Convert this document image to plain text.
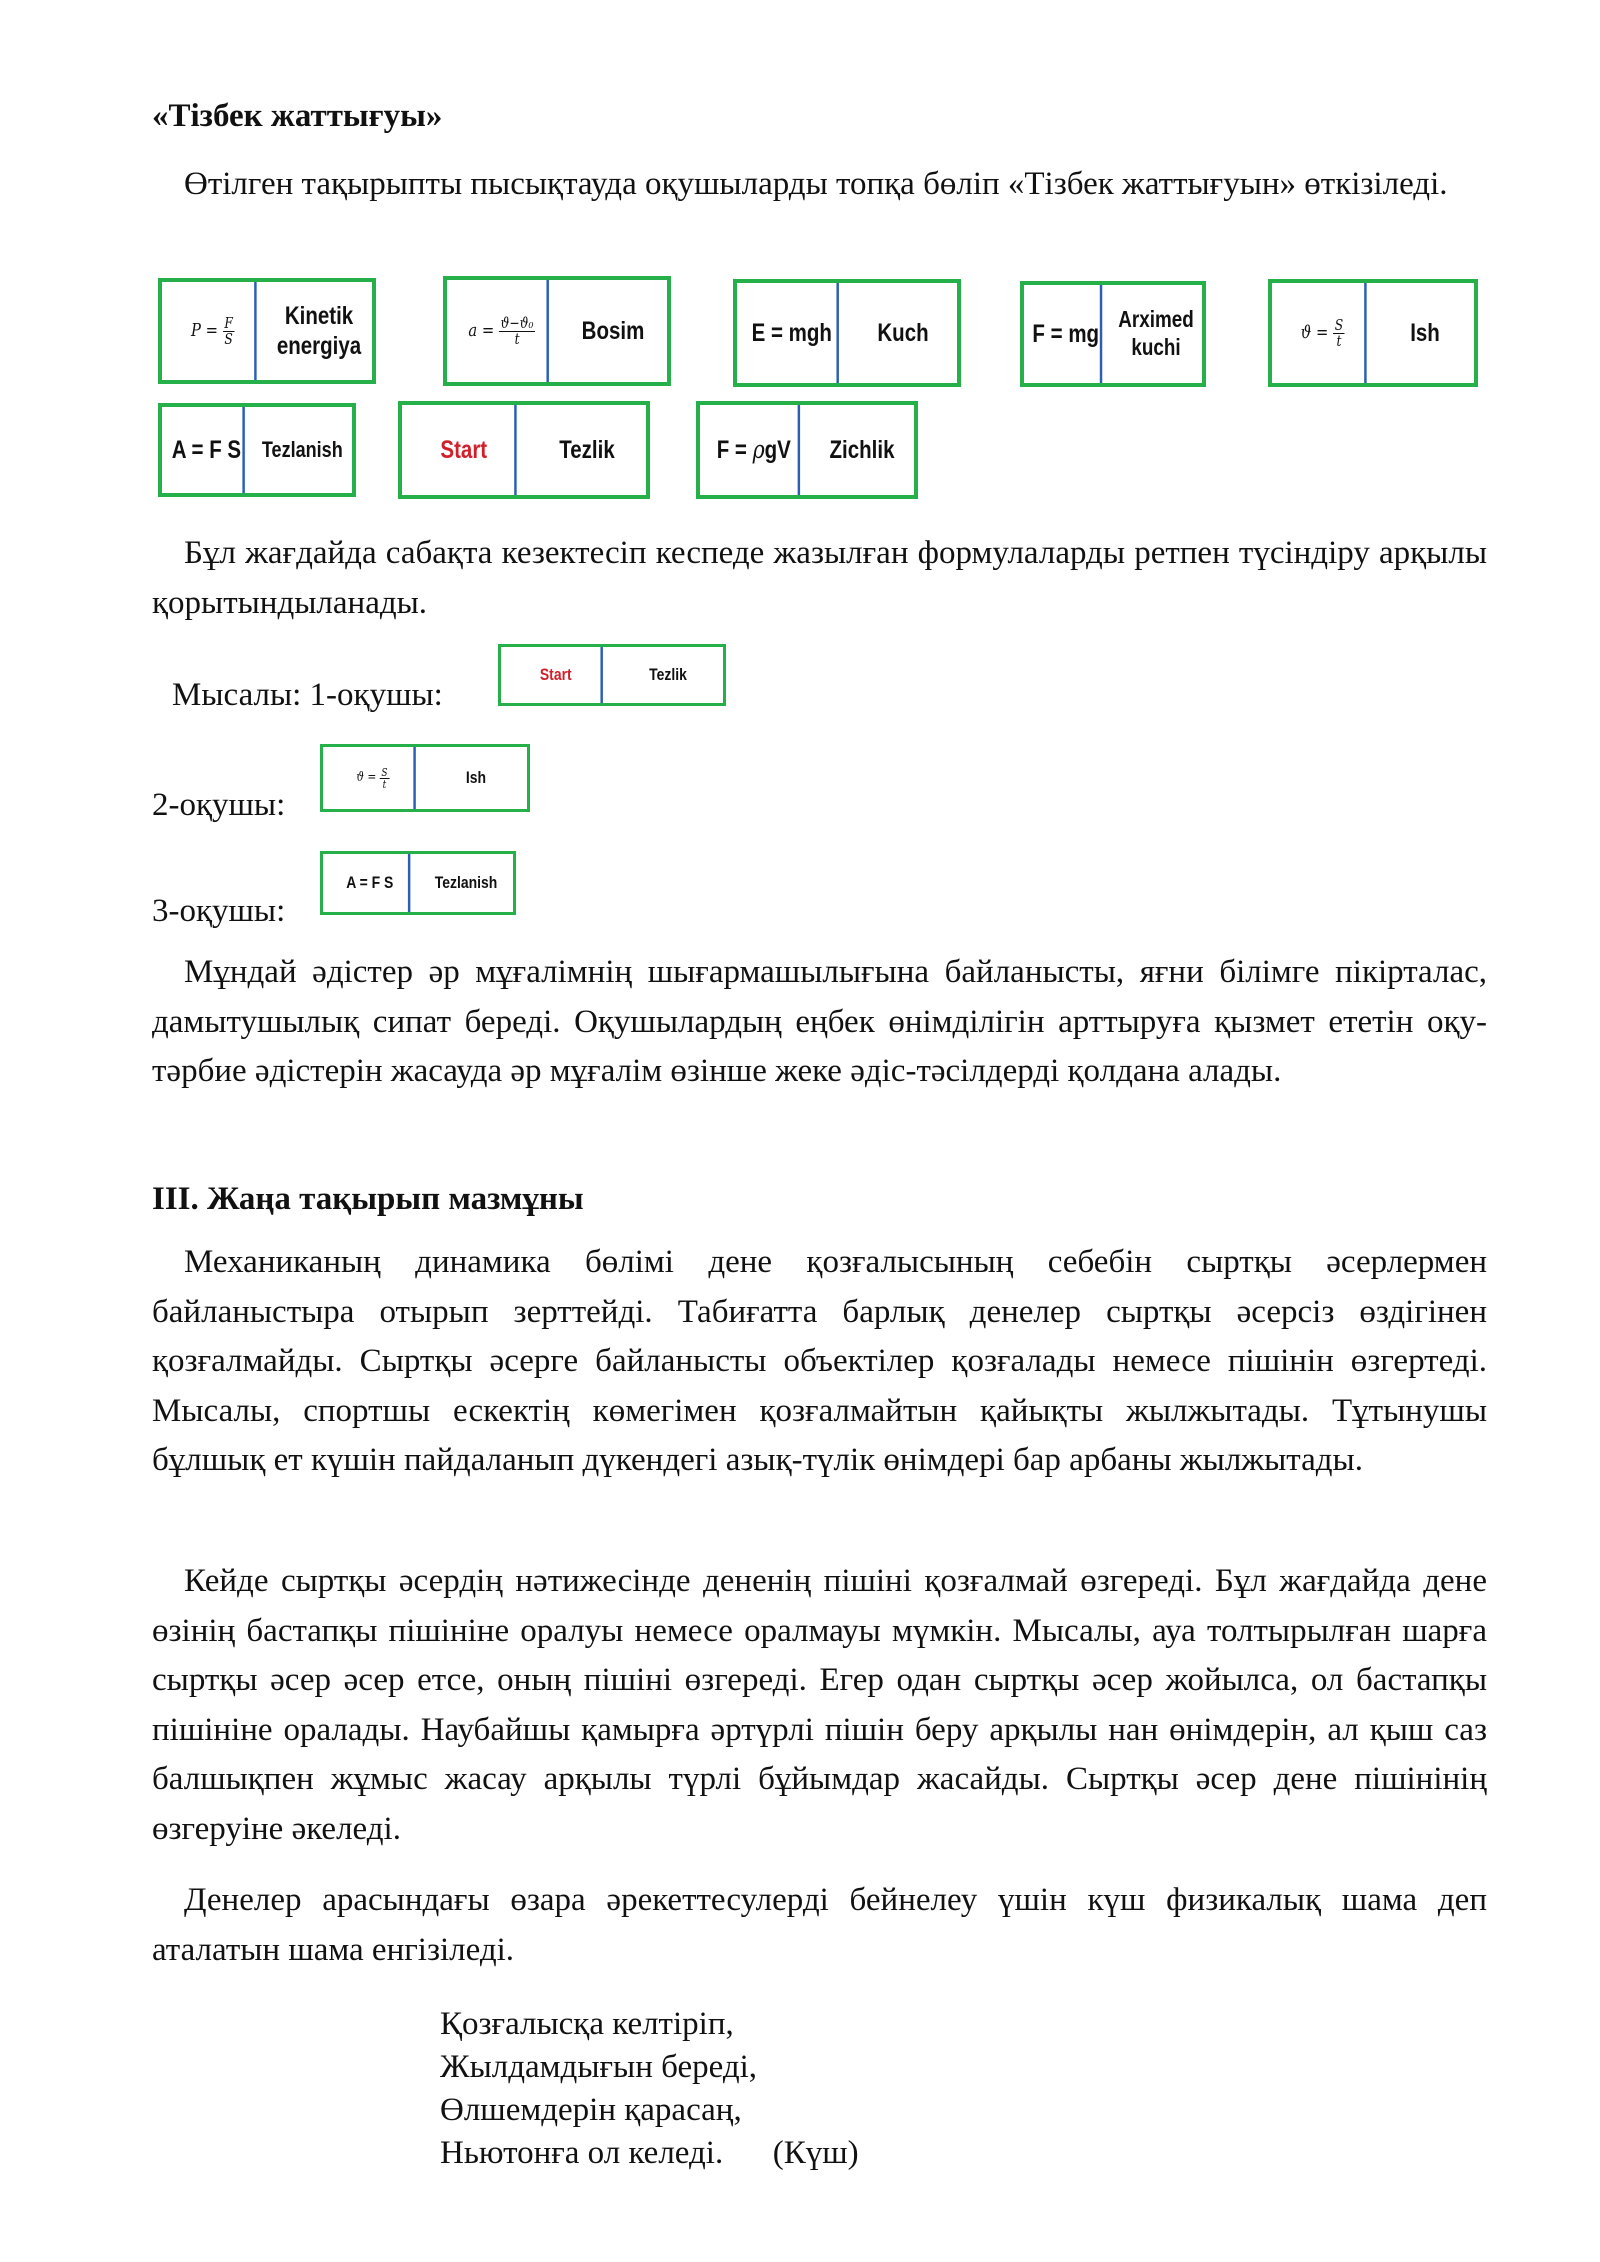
«Тізбек жаттығуы»

Өтілген тақырыпты пысықтауда оқушыларды топқа бөліп «Тізбек жаттығуын» өткізіледі.

$P = \frac{F}{S}$	Kinetik energiya
$a = \frac{\text{ϑ−ϑ₀}}{t}$	Bosim	E = mgh	Kuch	F = mg
Arximed kuchi
$ϑ = \frac{S}{t}$	Ish
A = F S Tezlanish	Start	Tezlik	F = ρ gV	Zichlik

Бұл жағдайда сабақта кезектесіп кеспеде жазылған формулаларды ретпен түсіндіру арқылы қорытындыланады.

Мысалы: 1-оқушы:
Start	Tezlik
2-оқушы:
$ϑ = \frac{S}{t}$	Ish
3-оқушы:
A = F S	Tezlanish

Мұндай әдістер әр мұғалімнің шығармашылығына байланысты, яғни білімге пікірталас, дамытушылық сипат береді. Оқушылардың еңбек өнімділігін арттыруға қызмет ететін оқу-тәрбие әдістерін жасауда әр мұғалім өзінше жеке әдіс-тәсілдерді қолдана алады.

ІІІ. Жаңа тақырып мазмұны

Механиканың динамика бөлімі дене қозғалысының себебін сыртқы әсерлермен байланыстыра отырып зерттейді. Табиғатта барлық денелер сыртқы әсерсіз өздігінен қозғалмайды. Сыртқы әсерге байланысты объектілер қозғалады немесе пішінін өзгертеді. Мысалы, спортшы ескектің көмегімен қозғалмайтын қайықты жылжытады. Тұтынушы бұлшық ет күшін пайдаланып дүкендегі азық-түлік өнімдері бар арбаны жылжытады.

Кейде сыртқы әсердің нәтижесінде дененің пішіні қозғалмай өзгереді. Бұл жағдайда дене өзінің бастапқы пішініне оралуы немесе оралмауы мүмкін. Мысалы, ауа толтырылған шарға сыртқы әсер әсер етсе, оның пішіні өзгереді. Егер одан сыртқы әсер жойылса, ол бастапқы пішініне оралады. Наубайшы қамырға әртүрлі пішін беру арқылы нан өнімдерін, ал қыш саз балшықпен жұмыс жасау арқылы түрлі бұйымдар жасайды. Сыртқы әсер дене пішінінің өзгеруіне әкеледі.

Денелер арасындағы өзара әрекеттесулерді бейнелеу үшін күш физикалық шама деп аталатын шама енгізіледі.

Қозғалысқа келтіріп,
Жылдамдығын береді,
Өлшемдерін қарасаң,
Ньютонға ол келеді.      (Күш)
